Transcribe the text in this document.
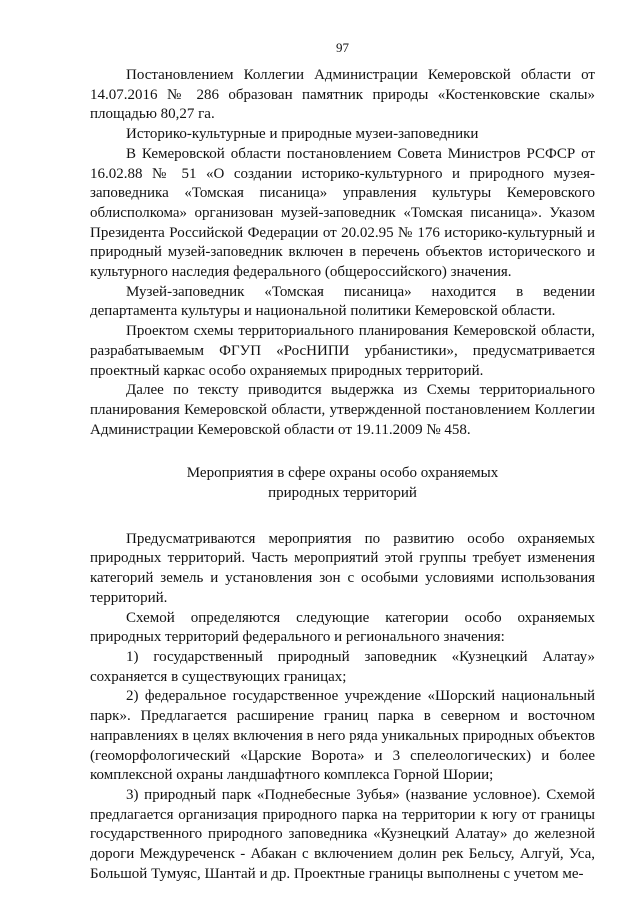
97

Постановлением Коллегии Администрации Кемеровской области от 14.07.2016 № 286 образован памятник природы «Костенковские скалы» площадью 80,27 га.

Историко-культурные и природные музеи-заповедники

В Кемеровской области постановлением Совета Министров РСФСР от 16.02.88 № 51 «О создании историко-культурного и природного музея-заповедника «Томская писаница» управления культуры Кемеровского облисполкома» организован музей-заповедник «Томская писаница». Указом Президента Российской Федерации от 20.02.95 № 176 историко-культурный и природный музей-заповедник включен в перечень объектов исторического и культурного наследия федерального (общероссийского) значения.

Музей-заповедник «Томская писаница» находится в ведении департамента культуры и национальной политики Кемеровской области.

Проектом схемы территориального планирования Кемеровской области, разрабатываемым ФГУП «РосНИПИ урбанистики», предусматривается проектный каркас особо охраняемых природных территорий.

Далее по тексту приводится выдержка из Схемы территориального планирования Кемеровской области, утвержденной постановлением Коллегии Администрации Кемеровской области от 19.11.2009 № 458.

Мероприятия в сфере охраны особо охраняемых
природных территорий

Предусматриваются мероприятия по развитию особо охраняемых природных территорий. Часть мероприятий этой группы требует изменения категорий земель и установления зон с особыми условиями использования территорий.

Схемой определяются следующие категории особо охраняемых природных территорий федерального и регионального значения:

1) государственный природный заповедник «Кузнецкий Алатау» сохраняется в существующих границах;

2) федеральное государственное учреждение «Шорский национальный парк». Предлагается расширение границ парка в северном и восточном направлениях в целях включения в него ряда уникальных природных объектов (геоморфологический «Царские Ворота» и 3 спелеологических) и более комплексной охраны ландшафтного комплекса Горной Шории;

3) природный парк «Поднебесные Зубья» (название условное). Схемой предлагается организация природного парка на территории к югу от границы государственного природного заповедника «Кузнецкий Алатау» до железной дороги Междуреченск - Абакан с включением долин рек Бельсу, Алгуй, Уса, Большой Тумуяс, Шантай и др. Проектные границы выполнены с учетом ме-
